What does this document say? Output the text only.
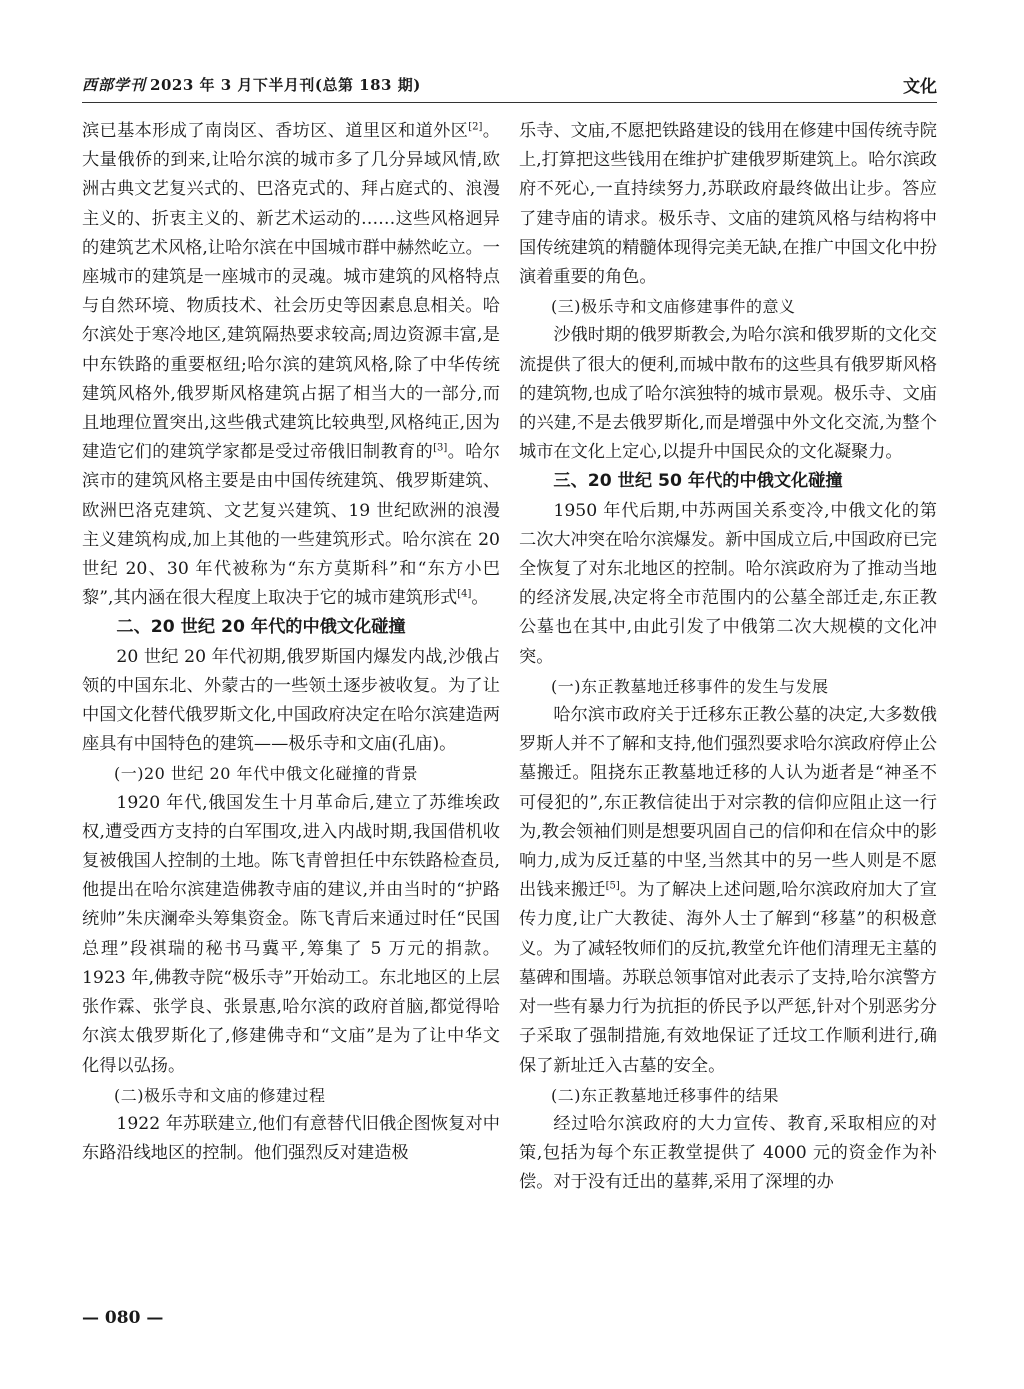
西部学刊 2023 年 3 月下半月刊(总第 183 期)	文化

滨已基本形成了南岗区、香坊区、道里区和道外区[2]。大量俄侨的到来,让哈尔滨的城市多了几分异域风情,欧洲古典文艺复兴式的、巴洛克式的、拜占庭式的、浪漫主义的、折衷主义的、新艺术运动的……这些风格迥异的建筑艺术风格,让哈尔滨在中国城市群中赫然屹立。一座城市的建筑是一座城市的灵魂。城市建筑的风格特点与自然环境、物质技术、社会历史等因素息息相关。哈尔滨处于寒冷地区,建筑隔热要求较高;周边资源丰富,是中东铁路的重要枢纽;哈尔滨的建筑风格,除了中华传统建筑风格外,俄罗斯风格建筑占据了相当大的一部分,而且地理位置突出,这些俄式建筑比较典型,风格纯正,因为建造它们的建筑学家都是受过帝俄旧制教育的[3]。哈尔滨市的建筑风格主要是由中国传统建筑、俄罗斯建筑、欧洲巴洛克建筑、文艺复兴建筑、19 世纪欧洲的浪漫主义建筑构成,加上其他的一些建筑形式。哈尔滨在 20 世纪 20、30 年代被称为“东方莫斯科”和“东方小巴黎”,其内涵在很大程度上取决于它的城市建筑形式[4]。

二、20 世纪 20 年代的中俄文化碰撞

20 世纪 20 年代初期,俄罗斯国内爆发内战,沙俄占领的中国东北、外蒙古的一些领土逐步被收复。为了让中国文化替代俄罗斯文化,中国政府决定在哈尔滨建造两座具有中国特色的建筑——极乐寺和文庙(孔庙)。

(一)20 世纪 20 年代中俄文化碰撞的背景

1920 年代,俄国发生十月革命后,建立了苏维埃政权,遭受西方支持的白军围攻,进入内战时期,我国借机收复被俄国人控制的土地。陈飞青曾担任中东铁路检查员,他提出在哈尔滨建造佛教寺庙的建议,并由当时的“护路统帅”朱庆澜牵头筹集资金。陈飞青后来通过时任“民国总理”段祺瑞的秘书马冀平,筹集了 5 万元的捐款。1923 年,佛教寺院“极乐寺”开始动工。东北地区的上层张作霖、张学良、张景惠,哈尔滨的政府首脑,都觉得哈尔滨太俄罗斯化了,修建佛寺和“文庙”是为了让中华文化得以弘扬。

(二)极乐寺和文庙的修建过程

1922 年苏联建立,他们有意替代旧俄企图恢复对中东路沿线地区的控制。他们强烈反对建造极

乐寺、文庙,不愿把铁路建设的钱用在修建中国传统寺院上,打算把这些钱用在维护扩建俄罗斯建筑上。哈尔滨政府不死心,一直持续努力,苏联政府最终做出让步。答应了建寺庙的请求。极乐寺、文庙的建筑风格与结构将中国传统建筑的精髓体现得完美无缺,在推广中国文化中扮演着重要的角色。

(三)极乐寺和文庙修建事件的意义

沙俄时期的俄罗斯教会,为哈尔滨和俄罗斯的文化交流提供了很大的便利,而城中散布的这些具有俄罗斯风格的建筑物,也成了哈尔滨独特的城市景观。极乐寺、文庙的兴建,不是去俄罗斯化,而是增强中外文化交流,为整个城市在文化上定心,以提升中国民众的文化凝聚力。

三、20 世纪 50 年代的中俄文化碰撞

1950 年代后期,中苏两国关系变冷,中俄文化的第二次大冲突在哈尔滨爆发。新中国成立后,中国政府已完全恢复了对东北地区的控制。哈尔滨政府为了推动当地的经济发展,决定将全市范围内的公墓全部迁走,东正教公墓也在其中,由此引发了中俄第二次大规模的文化冲突。

(一)东正教墓地迁移事件的发生与发展

哈尔滨市政府关于迁移东正教公墓的决定,大多数俄罗斯人并不了解和支持,他们强烈要求哈尔滨政府停止公墓搬迁。阻挠东正教墓地迁移的人认为逝者是“神圣不可侵犯的”,东正教信徒出于对宗教的信仰应阻止这一行为,教会领袖们则是想要巩固自己的信仰和在信众中的影响力,成为反迁墓的中坚,当然其中的另一些人则是不愿出钱来搬迁[5]。为了解决上述问题,哈尔滨政府加大了宣传力度,让广大教徒、海外人士了解到“移墓”的积极意义。为了减轻牧师们的反抗,教堂允许他们清理无主墓的墓碑和围墙。苏联总领事馆对此表示了支持,哈尔滨警方对一些有暴力行为抗拒的侨民予以严惩,针对个别恶劣分子采取了强制措施,有效地保证了迁坟工作顺利进行,确保了新址迁入古墓的安全。

(二)东正教墓地迁移事件的结果

经过哈尔滨政府的大力宣传、教育,采取相应的对策,包括为每个东正教堂提供了 4000 元的资金作为补偿。对于没有迁出的墓葬,采用了深埋的办

— 080 —
